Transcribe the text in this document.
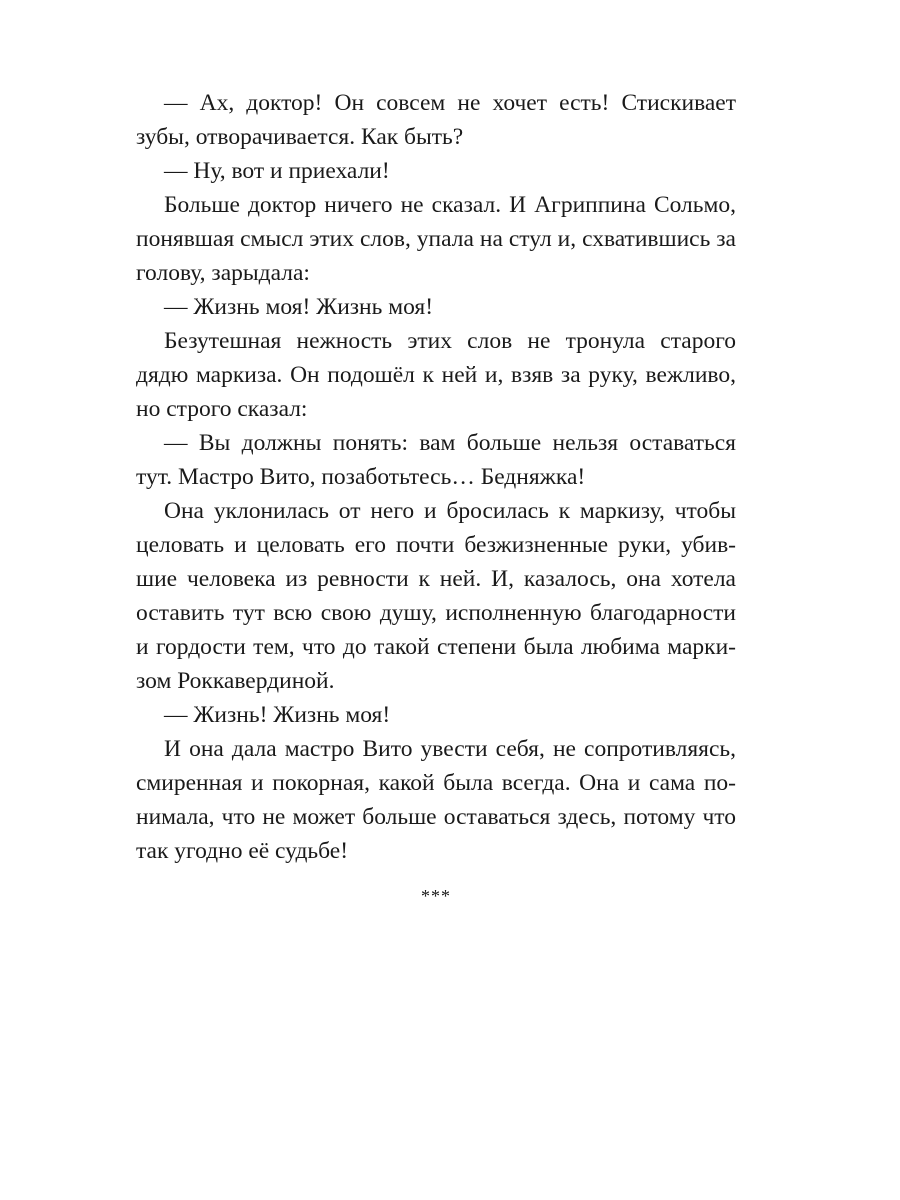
— Ах, доктор! Он совсем не хочет есть! Стискивает зубы, отворачивается. Как быть?

— Ну, вот и приехали!

Больше доктор ничего не сказал. И Агриппина Сольмо, понявшая смысл этих слов, упала на стул и, схватившись за голову, зарыдала:

— Жизнь моя! Жизнь моя!

Безутешная нежность этих слов не тронула старого дядю маркиза. Он подошёл к ней и, взяв за руку, вежливо, но строго сказал:

— Вы должны понять: вам больше нельзя оставаться тут. Мастро Вито, позаботьтесь… Бедняжка!

Она уклонилась от него и бросилась к маркизу, чтобы целовать и целовать его почти безжизненные руки, убившие человека из ревности к ней. И, казалось, она хотела оставить тут всю свою душу, исполненную благодарности и гордости тем, что до такой степени была любима маркизом Роккавердиной.

— Жизнь! Жизнь моя!

И она дала мастро Вито увести себя, не сопротивляясь, смиренная и покорная, какой была всегда. Она и сама понимала, что не может больше оставаться здесь, потому что так угодно её судьбе!

***
